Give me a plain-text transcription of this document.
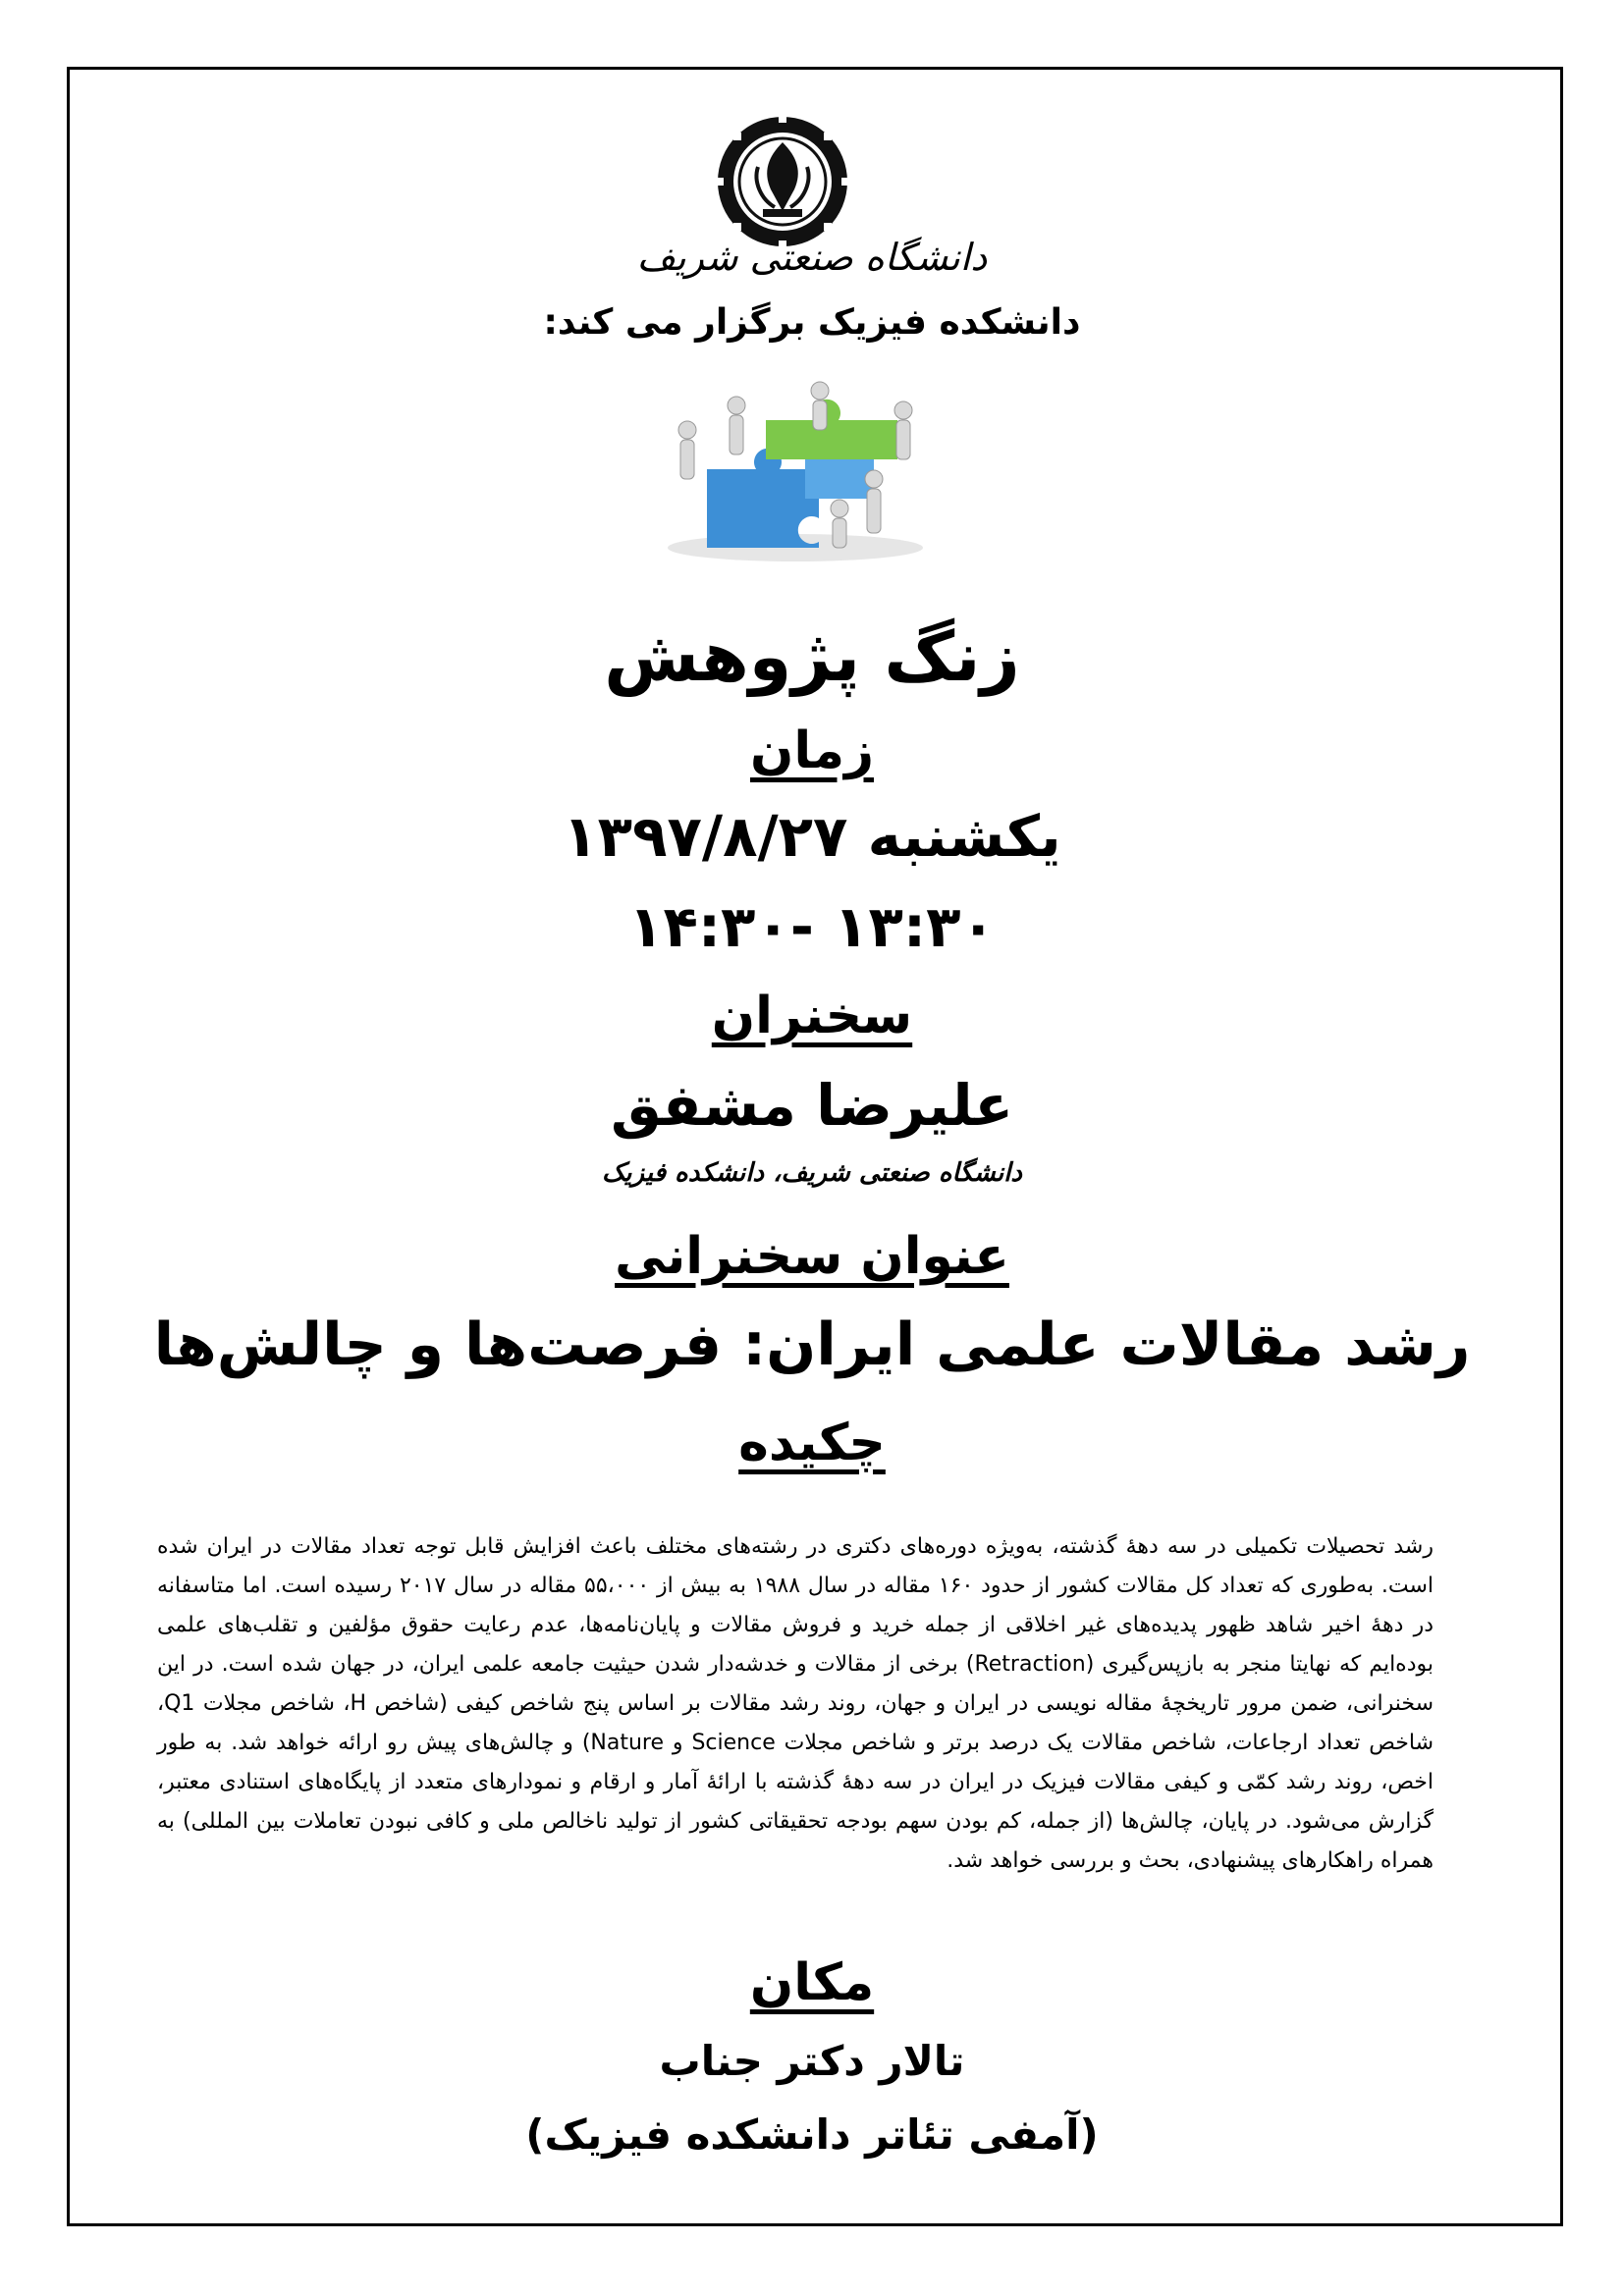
دانشگاه صنعتی شریف
دانشکده فیزیک برگزار می کند:
زنگ پژوهش
زمان
یکشنبه ۱۳۹۷/۸/۲۷
۱۳:۳۰ -۱۴:۳۰
سخنران
علیرضا مشفق
دانشگاه صنعتی شریف، دانشکده فیزیک
عنوان سخنرانی
رشد مقالات علمی ایران: فرصت‌ها و چالش‌ها
چکیده
رشد تحصیلات تکمیلی در سه دههٔ گذشته، به‌ویژه دوره‌های دکتری در رشته‌های مختلف باعث افزایش قابل توجه تعداد مقالات در ایران شده است. به‌طوری که تعداد کل مقالات کشور از حدود ۱۶۰ مقاله در سال ۱۹۸۸ به بیش از ۵۵،۰۰۰ مقاله در سال ۲۰۱۷ رسیده است. اما متاسفانه در دههٔ اخیر شاهد ظهور پدیده‌های غیر اخلاقی از جمله خرید و فروش مقالات و پایان‌نامه‌ها، عدم رعایت حقوق مؤلفین و تقلب‌های علمی بوده‌ایم که نهایتا منجر به بازپس‌گیری (Retraction) برخی از مقالات و خدشه‌دار شدن حیثیت جامعه علمی ایران، در جهان شده است. در این سخنرانی، ضمن مرور تاریخچهٔ مقاله نویسی در ایران و جهان، روند رشد مقالات بر اساس پنج شاخص کیفی (شاخص H، شاخص مجلات Q1، شاخص تعداد ارجاعات، شاخص مقالات یک درصد برتر و شاخص مجلات Science و Nature) و چالش‌های پیش رو ارائه خواهد شد. به طور اخص، روند رشد کمّی و کیفی مقالات فیزیک در ایران در سه دههٔ گذشته با ارائهٔ آمار و ارقام و نمودارهای متعدد از پایگاه‌های استنادی معتبر، گزارش می‌شود. در پایان، چالش‌ها (از جمله، کم بودن سهم بودجه تحقیقاتی کشور از تولید ناخالص ملی و کافی نبودن تعاملات بین المللی) به همراه راهکارهای پیشنهادی، بحث و بررسی خواهد شد.
مکان
تالار دکتر جناب
(آمفی تئاتر دانشکده فیزیک)
